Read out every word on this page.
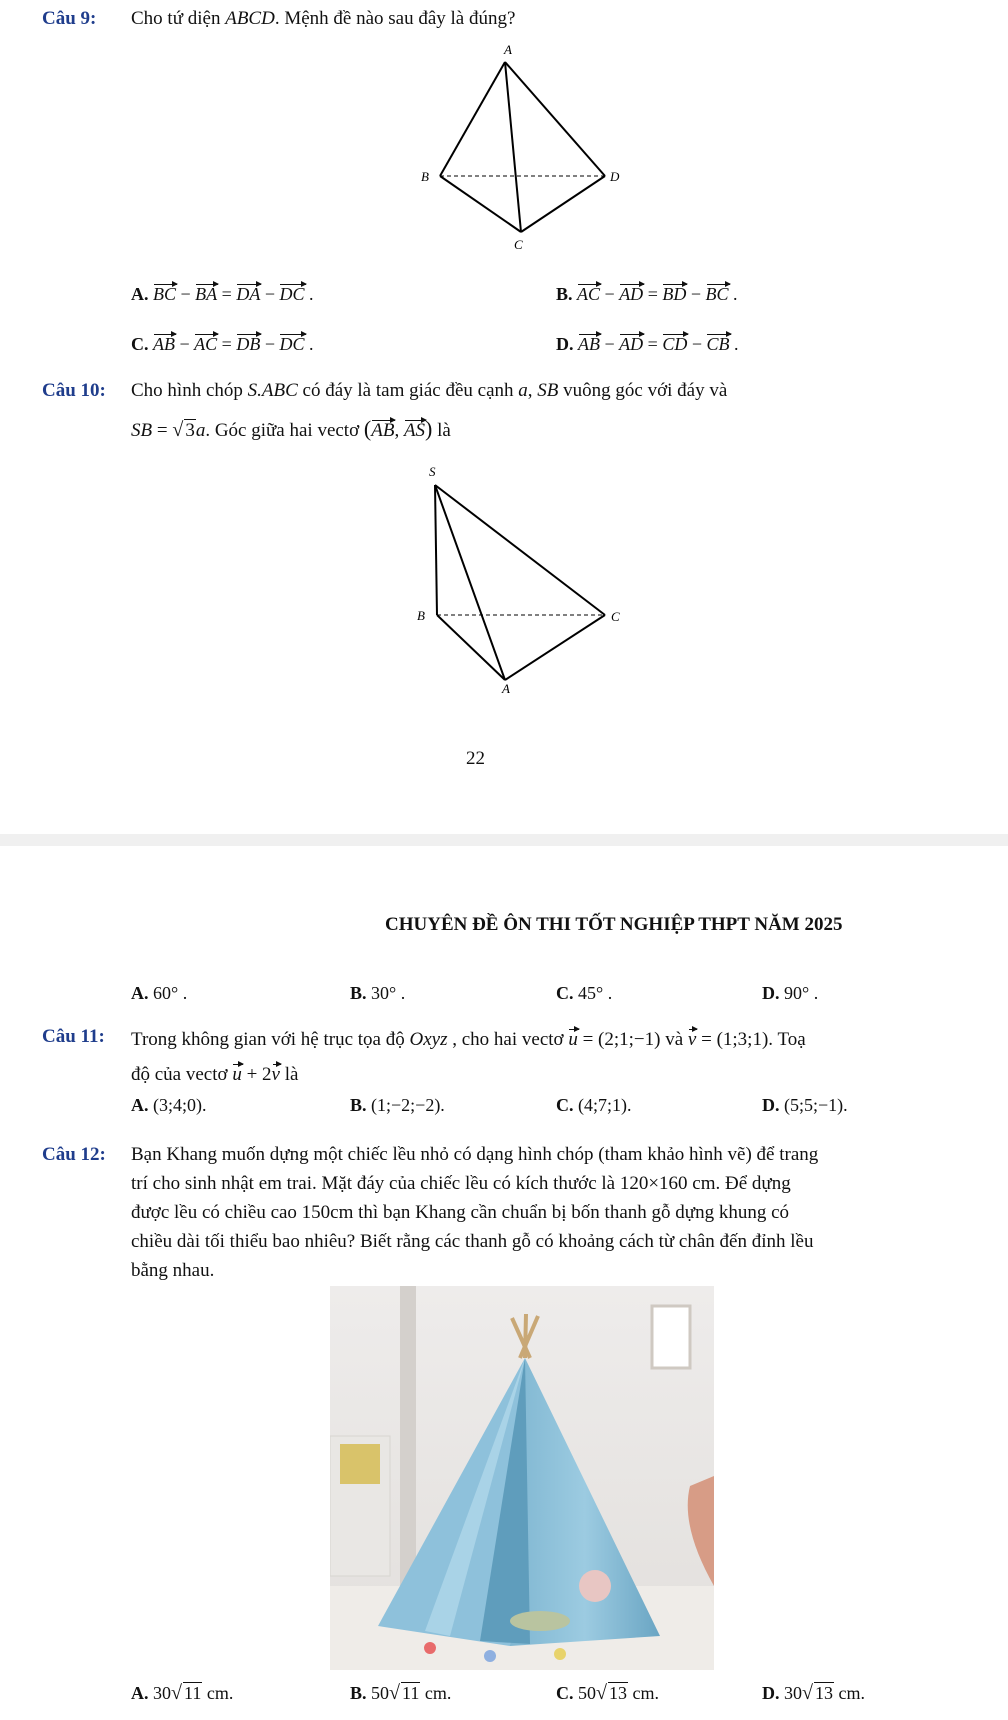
Câu 9: Cho tứ diện ABCD. Mệnh đề nào sau đây là đúng?
A
B
C
D
A. BC − BA = DA − DC .	B. AC − AD = BD − BC .
C. AB − AC = DB − DC .	D. AB − AD = CD − CB .
Câu 10: Cho hình chóp S.ABC có đáy là tam giác đều cạnh a, SB vuông góc với đáy và
SB = √ 3a. Góc giữa hai vectơ (AB, AS) là
S
B	C
A
22
CHUYÊN ĐỀ ÔN THI TỐT NGHIỆP THPT NĂM 2025
A. 60° .	B. 30° .	C. 45° .	D. 90° .
Câu 11: Trong không gian với hệ trục tọa độ Oxyz , cho hai vectơ u = (2;1;−1) và v = (1;3;1). Toạ
độ của vectơ u + 2v là
A. (3;4;0).	B. (1;−2;−2).	C. (4;7;1).	D. (5;5;−1).
Câu 12: Bạn Khang muốn dựng một chiếc lều nhỏ có dạng hình chóp (tham khảo hình vẽ) để trang
trí cho sinh nhật em trai. Mặt đáy của chiếc lều có kích thước là 120×160 cm. Để dựng
được lều có chiều cao 150cm thì bạn Khang cần chuẩn bị bốn thanh gỗ dựng khung có
chiều dài tối thiểu bao nhiêu? Biết rằng các thanh gỗ có khoảng cách từ chân đến đỉnh lều
bằng nhau.
A. 30√ 11 cm.	B. 50√ 11 cm.	C. 50√ 13 cm.	D. 30√ 13 cm.
